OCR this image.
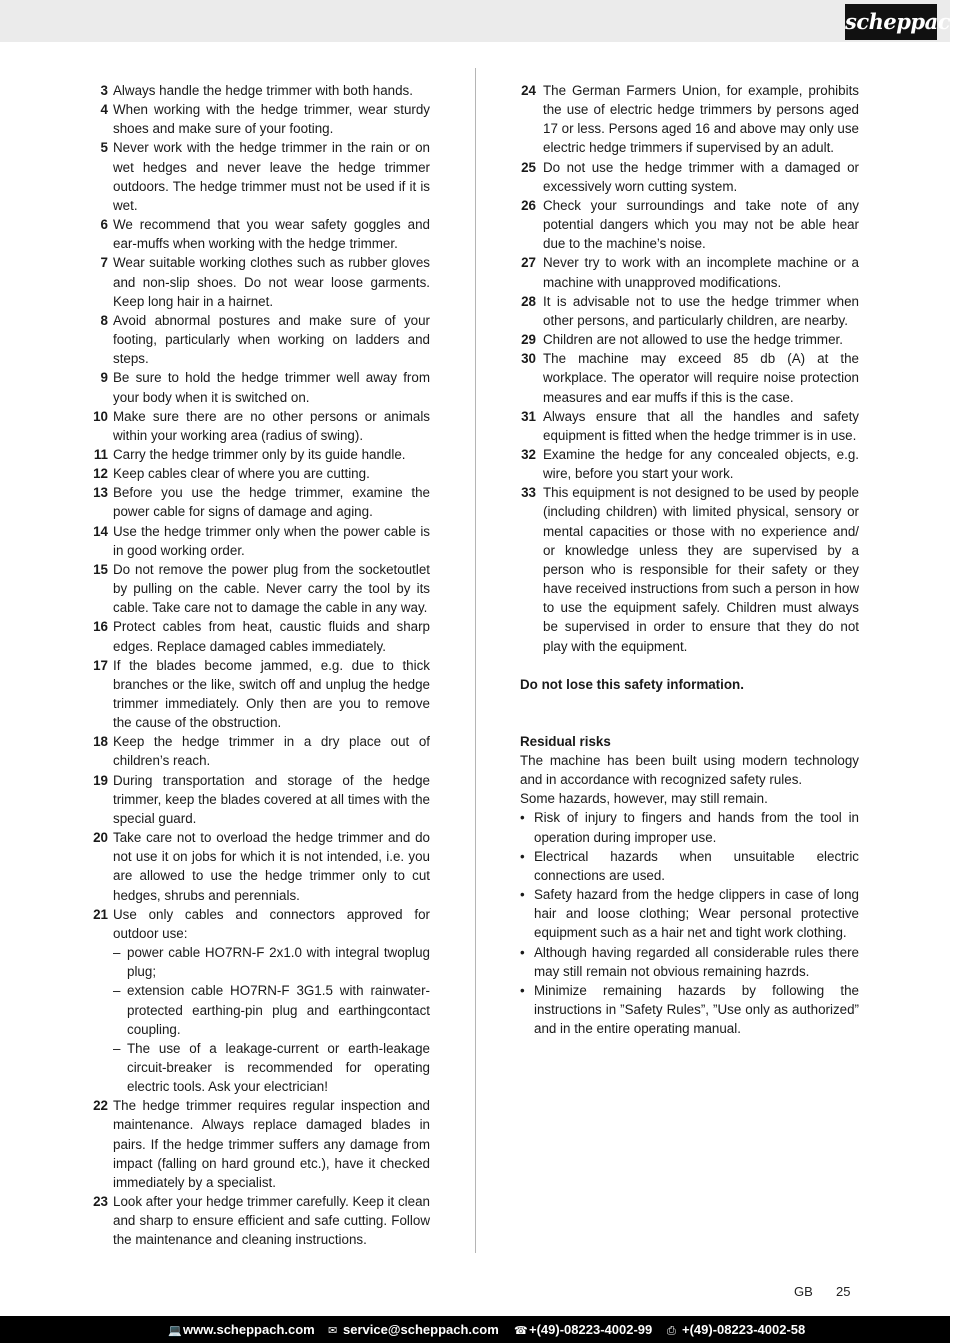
scheppach
3 Always handle the hedge trimmer with both hands.
4 When working with the hedge trimmer, wear sturdy shoes and make sure of your footing.
5 Never work with the hedge trimmer in the rain or on wet hedges and never leave the hedge trimmer outdoors. The hedge trimmer must not be used if it is wet.
6 We recommend that you wear safety goggles and ear-muffs when working with the hedge trimmer.
7 Wear suitable working clothes such as rubber gloves and non-slip shoes. Do not wear loose garments. Keep long hair in a hairnet.
8 Avoid abnormal postures and make sure of your footing, particularly when working on ladders and steps.
9 Be sure to hold the hedge trimmer well away from your body when it is switched on.
10 Make sure there are no other persons or animals within your working area (radius of swing).
11 Carry the hedge trimmer only by its guide handle.
12 Keep cables clear of where you are cutting.
13 Before you use the hedge trimmer, examine the power cable for signs of damage and aging.
14 Use the hedge trimmer only when the power cable is in good working order.
15 Do not remove the power plug from the socketoutlet by pulling on the cable. Never carry the tool by its cable. Take care not to damage the cable in any way.
16 Protect cables from heat, caustic fluids and sharp edges. Replace damaged cables immediately.
17 If the blades become jammed, e.g. due to thick branches or the like, switch off and unplug the hedge trimmer immediately. Only then are you to remove the cause of the obstruction.
18 Keep the hedge trimmer in a dry place out of children’s reach.
19 During transportation and storage of the hedge trimmer, keep the blades covered at all times with the special guard.
20 Take care not to overload the hedge trimmer and do not use it on jobs for which it is not intended, i.e. you are allowed to use the hedge trimmer only to cut hedges, shrubs and perennials.
21 Use only cables and connectors approved for outdoor use:
– power cable HO7RN-F 2x1.0 with integral twoplug plug;
– extension cable HO7RN-F 3G1.5 with rainwater-protected earthing-pin plug and earthingcontact coupling.
– The use of a leakage-current or earth-leakage circuit-breaker is recommended for operating electric tools. Ask your electrician!
22 The hedge trimmer requires regular inspection and maintenance. Always replace damaged blades in pairs. If the hedge trimmer suffers any damage from impact (falling on hard ground etc.), have it checked immediately by a specialist.
23 Look after your hedge trimmer carefully. Keep it clean and sharp to ensure efficient and safe cutting. Follow the maintenance and cleaning instructions.
24 The German Farmers Union, for example, prohibits the use of electric hedge trimmers by persons aged 17 or less. Persons aged 16 and above may only use electric hedge trimmers if supervised by an adult.
25 Do not use the hedge trimmer with a damaged or excessively worn cutting system.
26 Check your surroundings and take note of any potential dangers which you may not be able hear due to the machine’s noise.
27 Never try to work with an incomplete machine or a machine with unapproved modifications.
28 It is advisable not to use the hedge trimmer when other persons, and particularly children, are nearby.
29 Children are not allowed to use the hedge trimmer.
30 The machine may exceed 85 db (A) at the workplace. The operator will require noise protection measures and ear muffs if this is the case.
31 Always ensure that all the handles and safety equipment is fitted when the hedge trimmer is in use.
32 Examine the hedge for any concealed objects, e.g. wire, before you start your work.
33 This equipment is not designed to be used by people (including children) with limited physical, sensory or mental capacities or those with no experience and/ or knowledge unless they are supervised by a person who is responsible for their safety or they have received instructions from such a person in how to use the equipment safely. Children must always be supervised in order to ensure that they do not play with the equipment.
Do not lose this safety information.
Residual risks
The machine has been built using modern technology and in accordance with recognized safety rules.
Some hazards, however, may still remain.
• Risk of injury to fingers and hands from the tool in operation during improper use.
• Electrical hazards when unsuitable electric connections are used.
• Safety hazard from the hedge clippers in case of long hair and loose clothing; Wear personal protective equipment such as a hair net and tight work clothing.
• Although having regarded all considerable rules there may still remain not obvious remaining hazrds.
• Minimize remaining hazards by following the instructions in ”Safety Rules”, ”Use only as authorized” and in the entire operating manual.
GB 25
💻www.scheppach.com ✉ service@scheppach.com ☎+(49)-08223-4002-99 ⎙ +(49)-08223-4002-58
